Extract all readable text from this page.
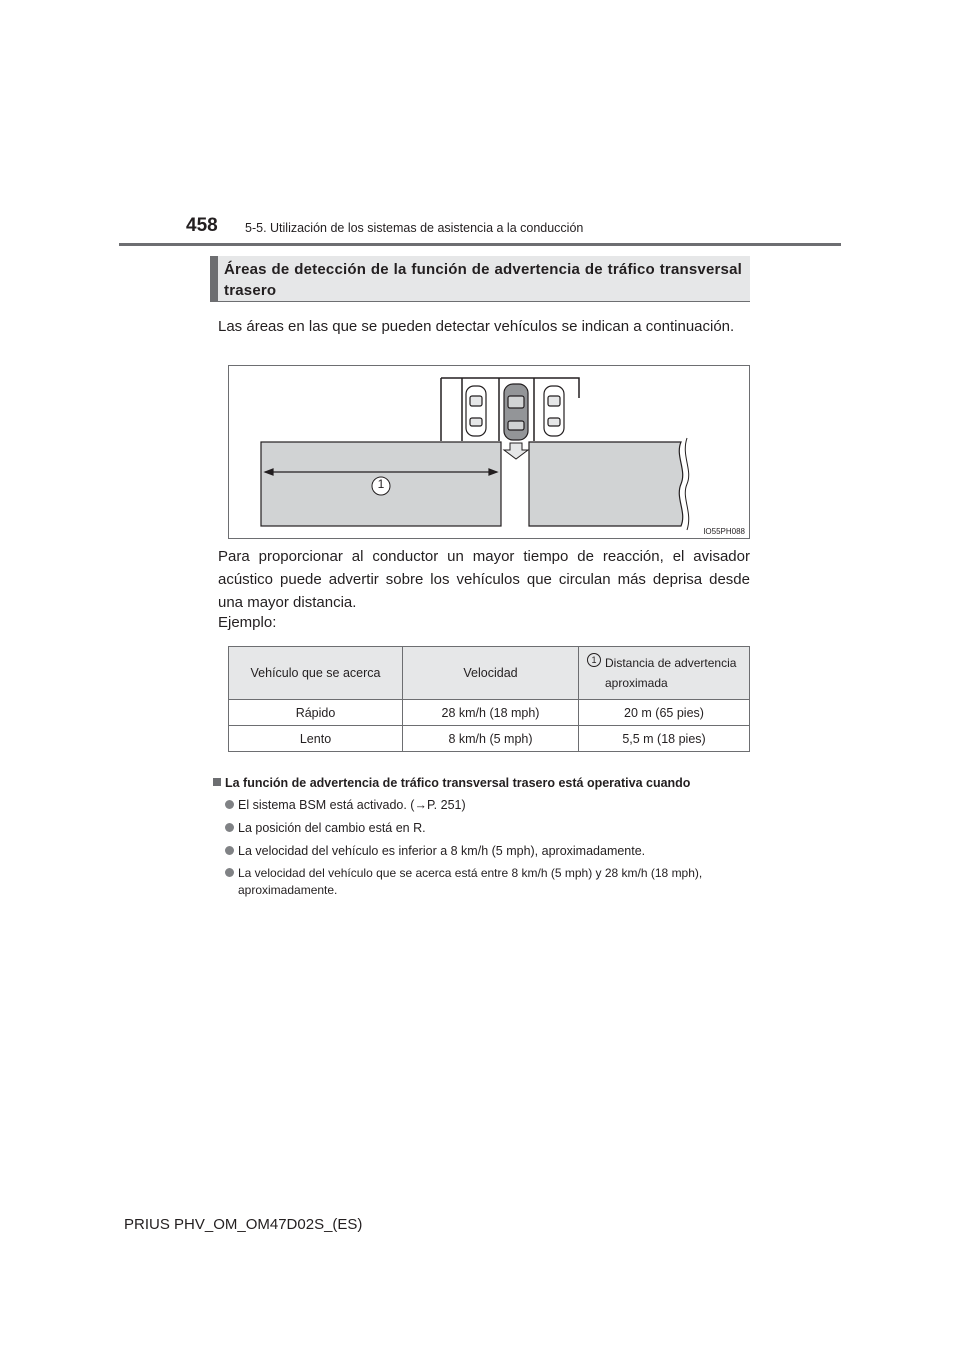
458 5-5. Utilización de los sistemas de asistencia a la conducción
Áreas de detección de la función de advertencia de tráfico transversal trasero
Las áreas en las que se pueden detectar vehículos se indican a continuación.
1
IO55PH088
Para proporcionar al conductor un mayor tiempo de reacción, el avisador acústico puede advertir sobre los vehículos que circulan más deprisa desde una mayor distancia.
Ejemplo:
Vehículo que se acerca	Velocidad	1 Distancia de advertencia aproximada
Rápido	28 km/h (18 mph)	20 m (65 pies)
Lento	8 km/h (5 mph)	5,5 m (18 pies)
La función de advertencia de tráfico transversal trasero está operativa cuando
El sistema BSM está activado. (→P. 251)
La posición del cambio está en R.
La velocidad del vehículo es inferior a 8 km/h (5 mph), aproximadamente.
La velocidad del vehículo que se acerca está entre 8 km/h (5 mph) y 28 km/h (18 mph), aproximadamente.
PRIUS PHV_OM_OM47D02S_(ES)
